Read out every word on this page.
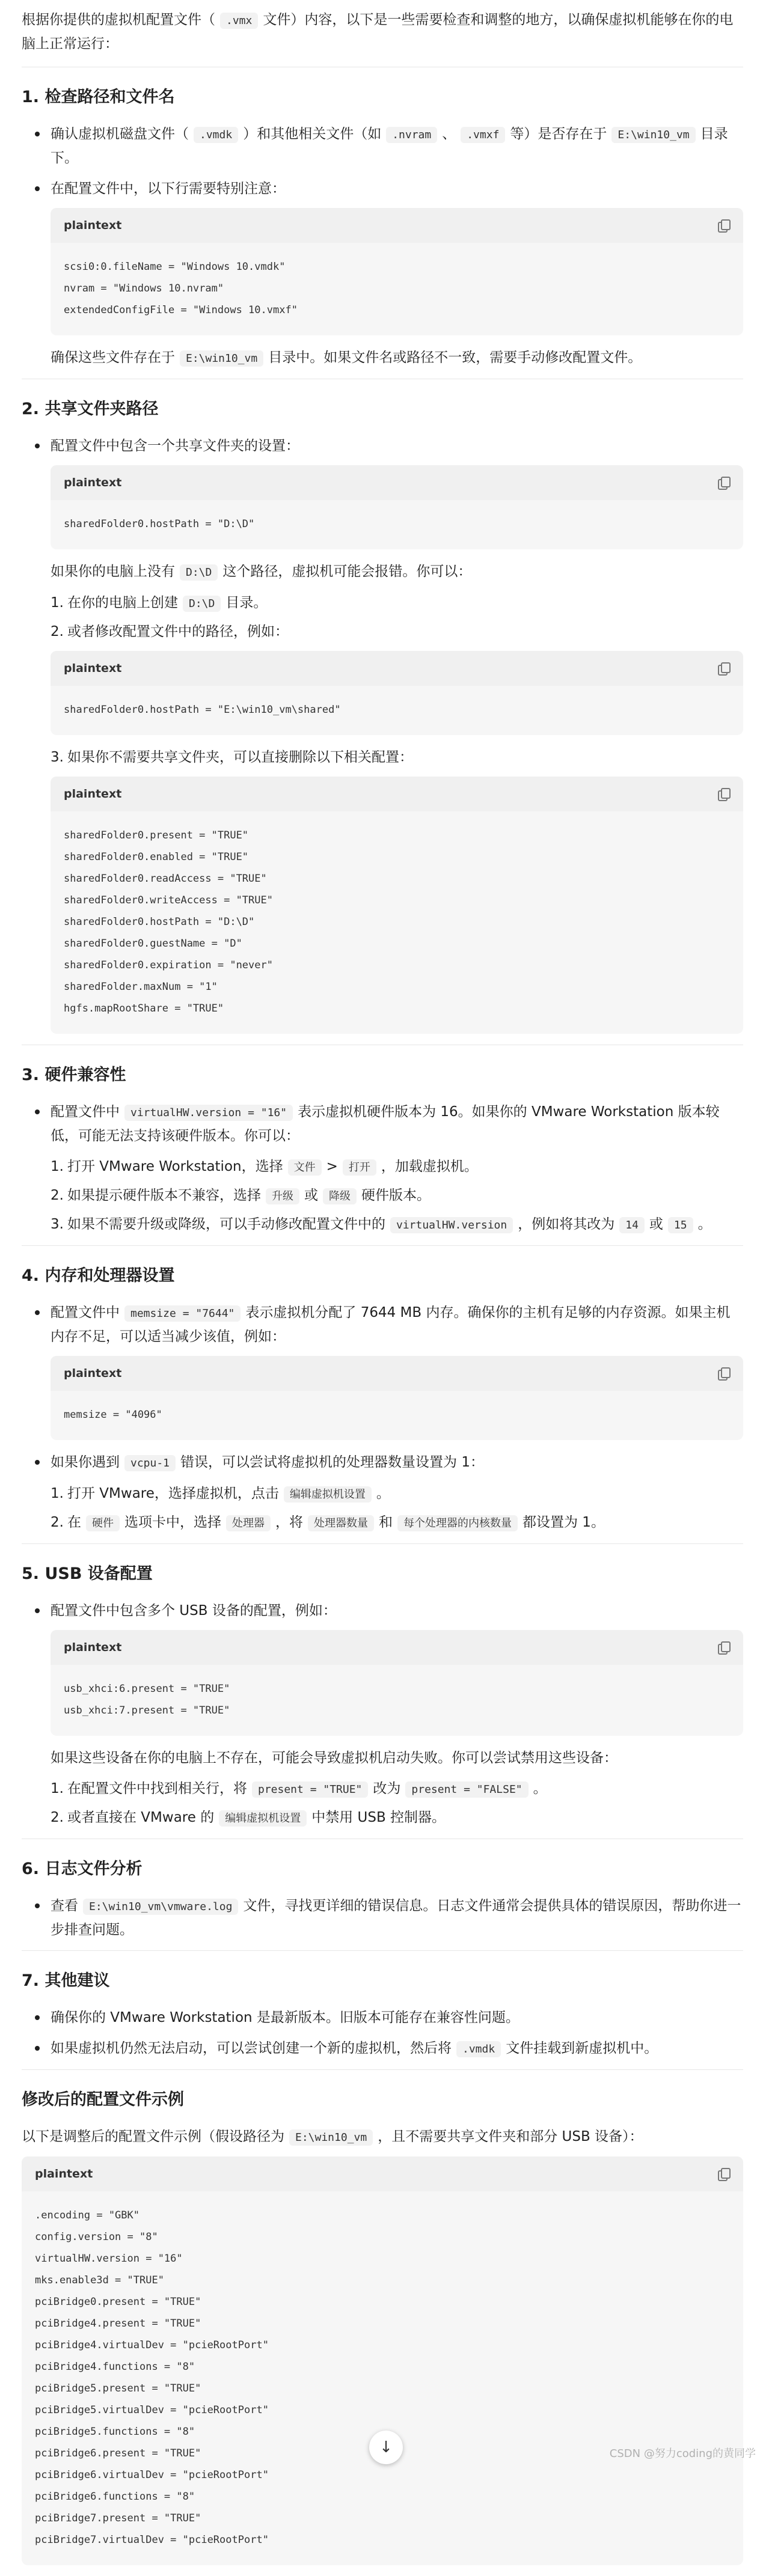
根据你提供的虚拟机配置文件（ .vmx 文件）内容，以下是一些需要检查和调整的地方，以确保虚拟机能够在你的电脑上正常运行：

1. 检查路径和文件名

确认虚拟机磁盘文件（ .vmdk ）和其他相关文件（如 .nvram 、 .vmxf 等）是否存在于 E:\win10_vm 目录下。

在配置文件中，以下行需要特别注意：

plaintext
scsi0:0.fileName = "Windows 10.vmdk"
nvram = "Windows 10.nvram"
extendedConfigFile = "Windows 10.vmxf"

确保这些文件存在于 E:\win10_vm 目录中。如果文件名或路径不一致，需要手动修改配置文件。

2. 共享文件夹路径

配置文件中包含一个共享文件夹的设置：

plaintext
sharedFolder0.hostPath = "D:\D"

如果你的电脑上没有 D:\D 这个路径，虚拟机可能会报错。你可以：

1. 在你的电脑上创建 D:\D 目录。
2. 或者修改配置文件中的路径，例如：
plaintext
sharedFolder0.hostPath = "E:\win10_vm\shared"
3. 如果你不需要共享文件夹，可以直接删除以下相关配置：
plaintext
sharedFolder0.present = "TRUE"
sharedFolder0.enabled = "TRUE"
sharedFolder0.readAccess = "TRUE"
sharedFolder0.writeAccess = "TRUE"
sharedFolder0.hostPath = "D:\D"
sharedFolder0.guestName = "D"
sharedFolder0.expiration = "never"
sharedFolder.maxNum = "1"
hgfs.mapRootShare = "TRUE"
3. 硬件兼容性

配置文件中 virtualHW.version = "16" 表示虚拟机硬件版本为 16。如果你的 VMware Workstation 版本较低，可能无法支持该硬件版本。你可以：

1. 打开 VMware Workstation，选择 文件 > 打开 ，加载虚拟机。
2. 如果提示硬件版本不兼容，选择 升级 或 降级 硬件版本。
3. 如果不需要升级或降级，可以手动修改配置文件中的 virtualHW.version ，例如将其改为 14 或 15 。
4. 内存和处理器设置

配置文件中 memsize = "7644" 表示虚拟机分配了 7644 MB 内存。确保你的主机有足够的内存资源。如果主机内存不足，可以适当减少该值，例如：

plaintext
memsize = "4096"

如果你遇到 vcpu-1 错误，可以尝试将虚拟机的处理器数量设置为 1：

1. 打开 VMware，选择虚拟机，点击 编辑虚拟机设置 。
2. 在 硬件 选项卡中，选择 处理器 ，将 处理器数量 和 每个处理器的内核数量 都设置为 1。
5. USB 设备配置

配置文件中包含多个 USB 设备的配置，例如：

plaintext
usb_xhci:6.present = "TRUE"
usb_xhci:7.present = "TRUE"

如果这些设备在你的电脑上不存在，可能会导致虚拟机启动失败。你可以尝试禁用这些设备：

1. 在配置文件中找到相关行，将 present = "TRUE" 改为 present = "FALSE" 。
2. 或者直接在 VMware 的 编辑虚拟机设置 中禁用 USB 控制器。
6. 日志文件分析

查看 E:\win10_vm\vmware.log 文件，寻找更详细的错误信息。日志文件通常会提供具体的错误原因，帮助你进一步排查问题。

7. 其他建议

确保你的 VMware Workstation 是最新版本。旧版本可能存在兼容性问题。

如果虚拟机仍然无法启动，可以尝试创建一个新的虚拟机，然后将 .vmdk 文件挂载到新虚拟机中。

修改后的配置文件示例

以下是调整后的配置文件示例（假设路径为 E:\win10_vm ，且不需要共享文件夹和部分 USB 设备）：

plaintext
.encoding = "GBK"
config.version = "8"
virtualHW.version = "16"
mks.enable3d = "TRUE"
pciBridge0.present = "TRUE"
pciBridge4.present = "TRUE"
pciBridge4.virtualDev = "pcieRootPort"
pciBridge4.functions = "8"
pciBridge5.present = "TRUE"
pciBridge5.virtualDev = "pcieRootPort"
pciBridge5.functions = "8"
pciBridge6.present = "TRUE"
pciBridge6.virtualDev = "pcieRootPort"
pciBridge6.functions = "8"
pciBridge7.present = "TRUE"
pciBridge7.virtualDev = "pcieRootPort"
↓	CSDN @努力coding的黄同学
